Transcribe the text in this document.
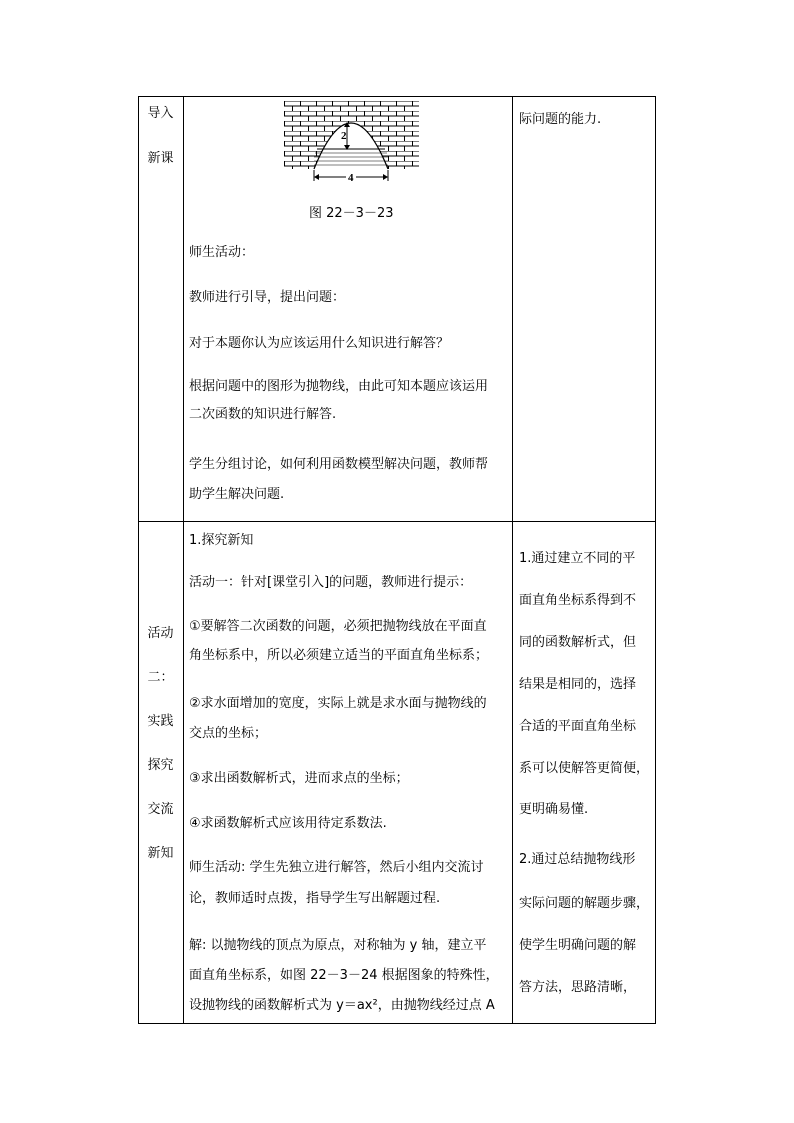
导入
新课
2
4
图 22－3－23
师生活动：
教师进行引导，提出问题：
对于本题你认为应该运用什么知识进行解答？
根据问题中的图形为抛物线，由此可知本题应该运用
二次函数的知识进行解答.
学生分组讨论，如何利用函数模型解决问题，教师帮
助学生解决问题.
际问题的能力.
活动
二：
实践
探究
交流
新知
1.探究新知
活动一：针对[课堂引入]的问题，教师进行提示：
①要解答二次函数的问题，必须把抛物线放在平面直
角坐标系中，所以必须建立适当的平面直角坐标系；
②求水面增加的宽度，实际上就是求水面与抛物线的
交点的坐标；
③求出函数解析式，进而求点的坐标；
④求函数解析式应该用待定系数法.
师生活动: 学生先独立进行解答，然后小组内交流讨
论，教师适时点拨，指导学生写出解题过程.
解: 以抛物线的顶点为原点，对称轴为 y 轴，建立平
面直角坐标系，如图 22－3－24 根据图象的特殊性，
设抛物线的函数解析式为 y＝ax²，由抛物线经过点 A
1.通过建立不同的平
面直角坐标系得到不
同的函数解析式，但
结果是相同的，选择
合适的平面直角坐标
系可以使解答更简便，
更明确易懂.
2.通过总结抛物线形
实际问题的解题步骤，
使学生明确问题的解
答方法，思路清晰，
